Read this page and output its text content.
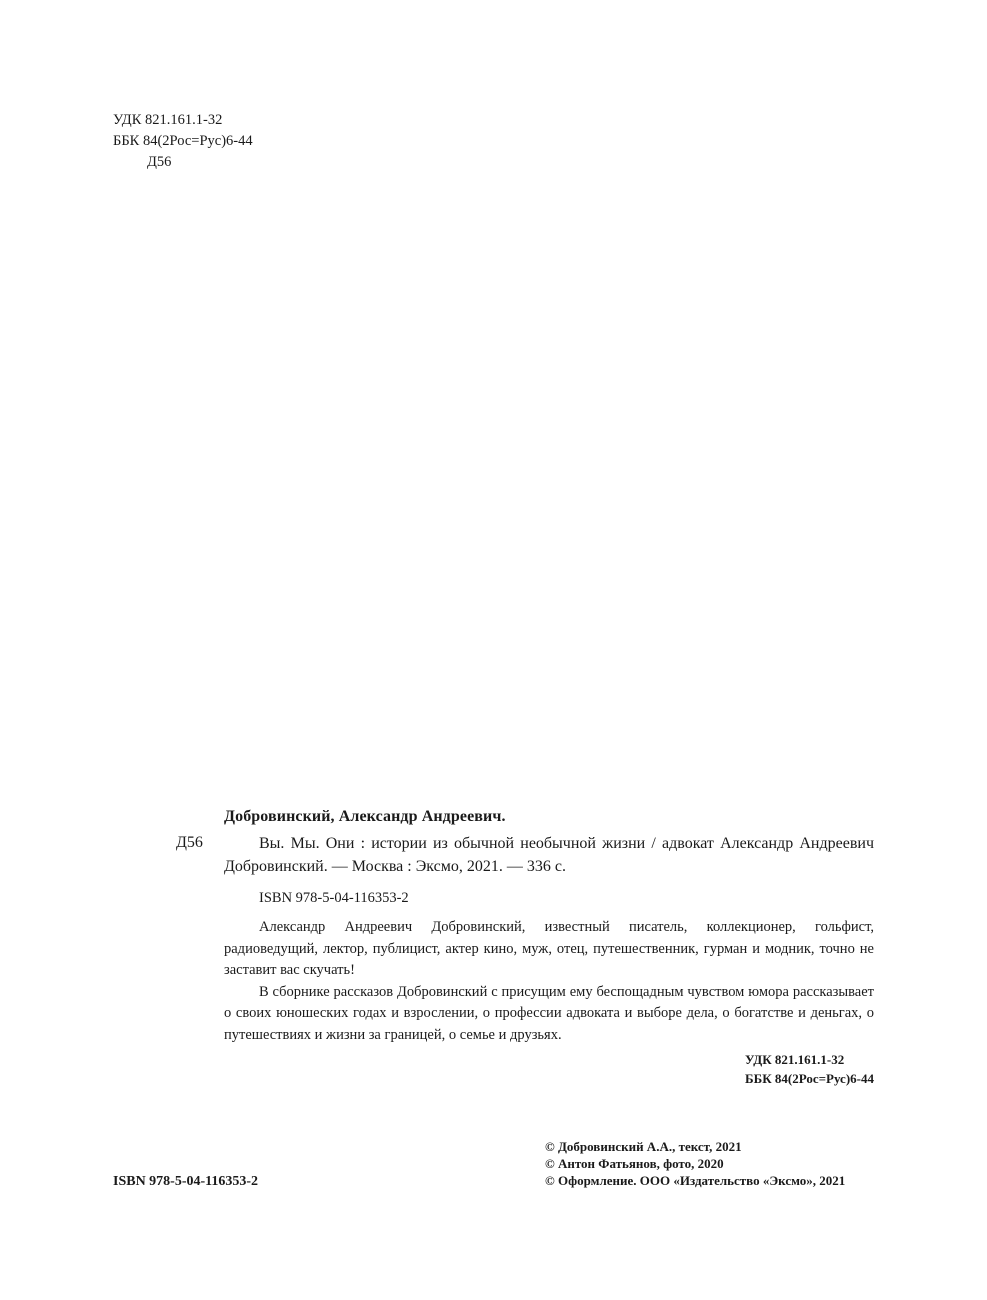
УДК 821.161.1-32
ББК 84(2Рос=Рус)6-44
Д56
Добровинский, Александр Андреевич.
Д56	Вы. Мы. Они : истории из обычной необычной жизни / адвокат Александр Андреевич Добровинский. — Москва : Эксмо, 2021. — 336 с.

ISBN 978-5-04-116353-2

Александр Андреевич Добровинский, известный писатель, коллекционер, гольфист, радиоведущий, лектор, публицист, актер кино, муж, отец, путешественник, гурман и модник, точно не заставит вас скучать!

В сборнике рассказов Добровинский с присущим ему беспощадным чувством юмора рассказывает о своих юношеских годах и взрослении, о профессии адвоката и выборе дела, о богатстве и деньгах, о путешествиях и жизни за границей, о семье и друзьях.

УДК 821.161.1-32
ББК 84(2Рос=Рус)6-44
ISBN 978-5-04-116353-2
© Добровинский А.А., текст, 2021
© Антон Фатьянов, фото, 2020
© Оформление. ООО «Издательство «Эксмо», 2021
